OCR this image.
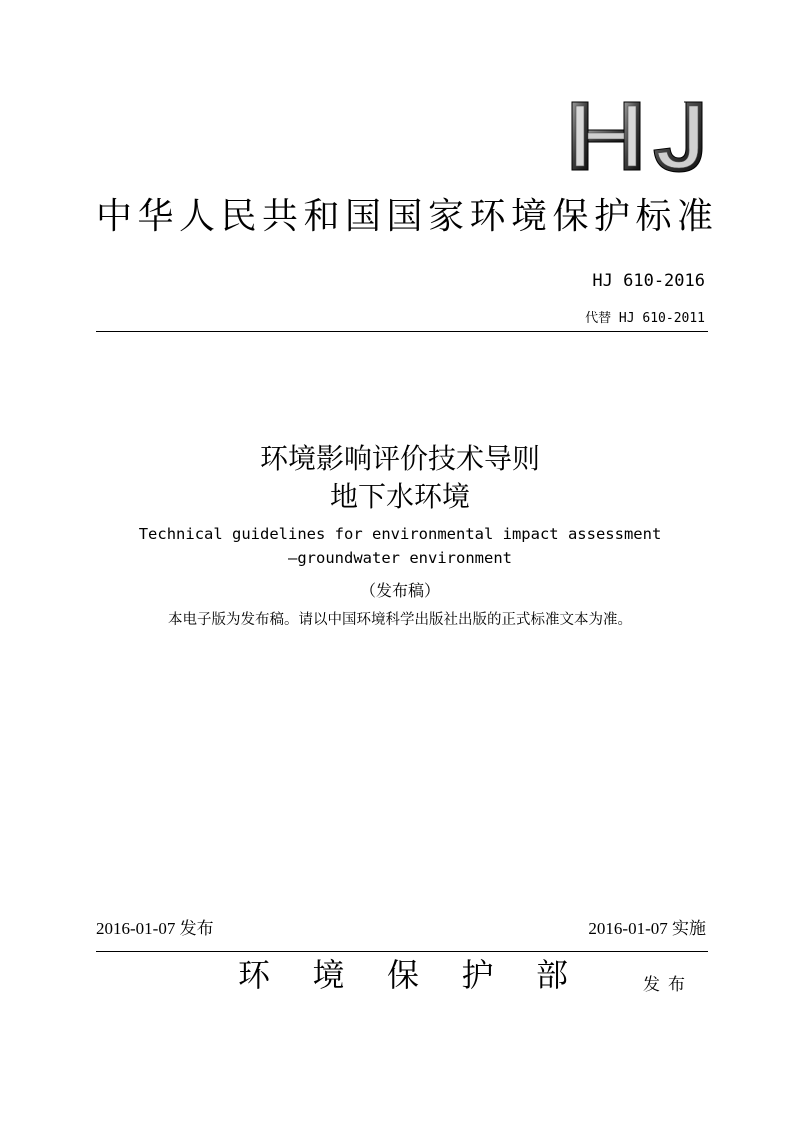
HJ
中华人民共和国国家环境保护标准
HJ 610-2016
代替 HJ 610-2011
环境影响评价技术导则
地下水环境
Technical guidelines for environmental impact assessment
—groundwater environment
（发布稿）
本电子版为发布稿。请以中国环境科学出版社出版的正式标准文本为准。
2016-01-07 发布	2016-01-07 实施
环 境 保 护 部	发布
